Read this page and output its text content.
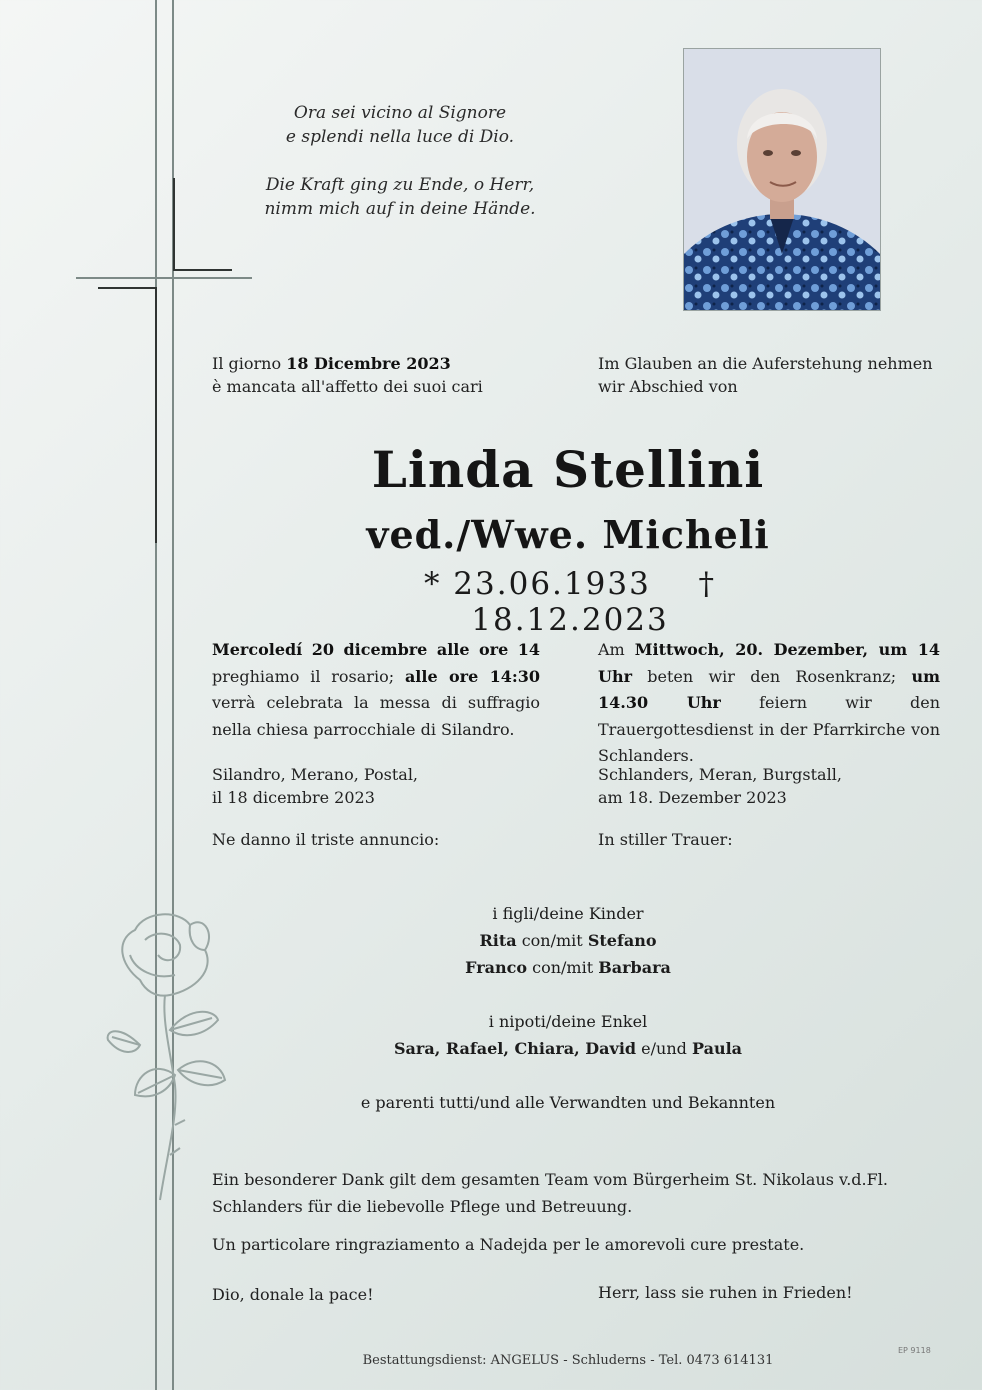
Ora sei vicino al Signore
e splendi nella luce di Dio.
Die Kraft ging zu Ende, o Herr,
nimm mich auf in deine Hände.
Il giorno 18 Dicembre 2023
è mancata all'affetto dei suoi cari
Im Glauben an die Auferstehung nehmen
wir Abschied von
Linda Stellini
ved./Wwe. Micheli
* 23.06.1933 † 18.12.2023
Mercoledí 20 dicembre alle ore 14 preghiamo il rosario; alle ore 14:30 verrà celebrata la messa di suffragio nella chiesa parrocchiale di Silandro.
Silandro, Merano, Postal,
il 18 dicembre 2023
Ne danno il triste annuncio:
Am Mittwoch, 20. Dezember, um 14 Uhr beten wir den Rosenkranz; um 14.30 Uhr feiern wir den Trauergottesdienst in der Pfarrkirche von Schlanders.
Schlanders, Meran, Burgstall,
am 18. Dezember 2023
In stiller Trauer:
i figli/deine Kinder
Rita con/mit Stefano
Franco con/mit Barbara
i nipoti/deine Enkel
Sara, Rafael, Chiara, David e/und Paula
e parenti tutti/und alle Verwandten und Bekannten
Ein besonderer Dank gilt dem gesamten Team vom Bürgerheim St. Nikolaus v.d.Fl. Schlanders für die liebevolle Pflege und Betreuung.
Un particolare ringraziamento a Nadejda per le amorevoli cure prestate.
Dio, donale la pace!	Herr, lass sie ruhen in Frieden!
Bestattungsdienst: ANGELUS - Schluderns - Tel. 0473 614131
EP 9118
